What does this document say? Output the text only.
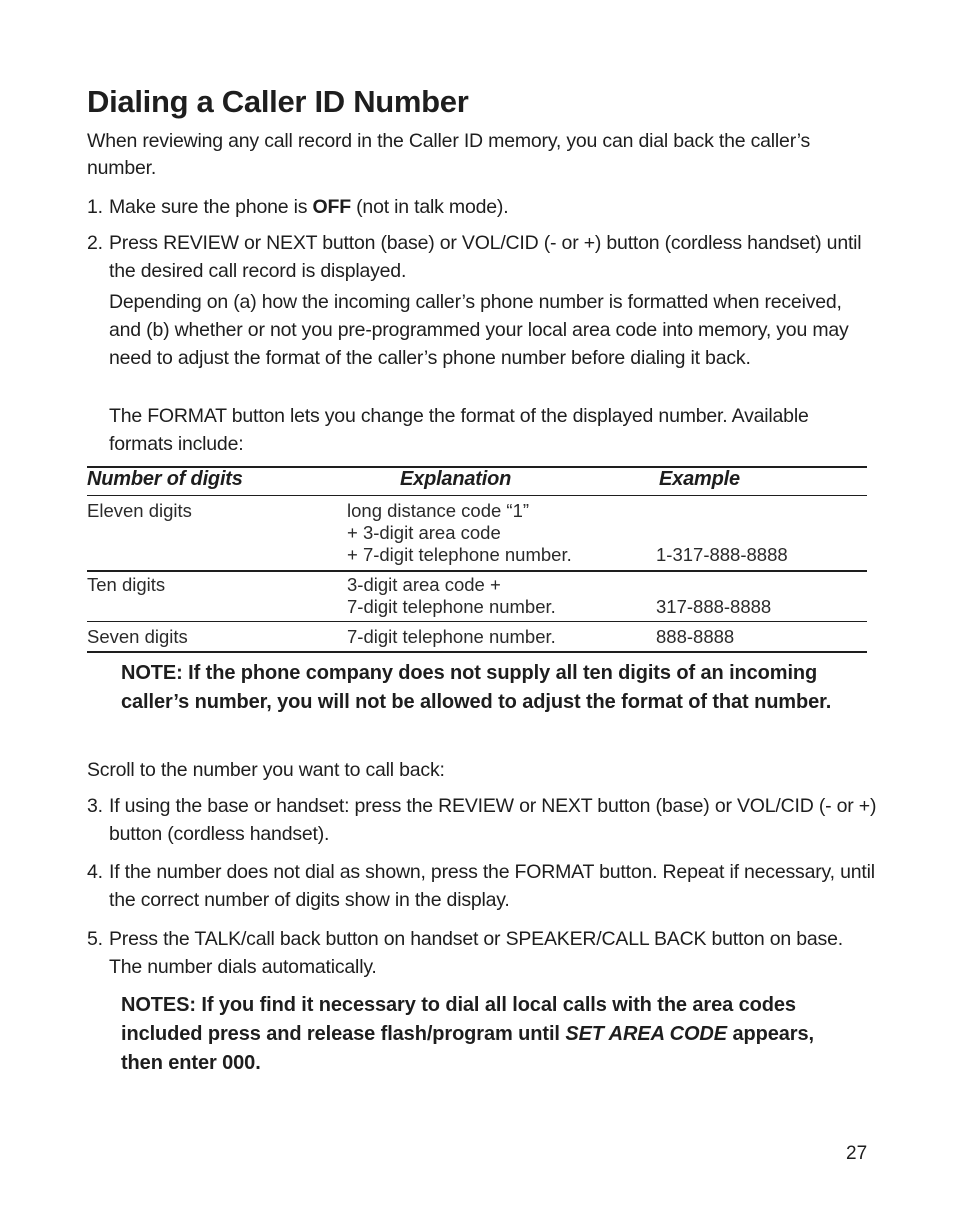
Dialing a Caller ID Number

When reviewing any call record in the Caller ID memory, you can dial back the caller’s number.

1. Make sure the phone is OFF (not in talk mode).
2. Press REVIEW or NEXT button (base) or VOL/CID (- or +) button (cordless handset) until the desired call record is displayed.

Depending on (a) how the incoming caller’s phone number is formatted when received, and (b) whether or not you pre-programmed your local area code into memory, you may need to adjust the format of the caller’s phone number before dialing it back.

The FORMAT button lets you change the format of the displayed number. Available formats include:

Number of digits	Explanation	Example
Eleven digits	long distance code “1”
+ 3-digit area code
+ 7-digit telephone number.	1-317-888-8888
Ten digits	3-digit area code +
7-digit telephone number.	317-888-8888
Seven digits	7-digit telephone number.	888-8888

NOTE: If the phone company does not supply all ten digits of an incoming caller’s number, you will not be allowed to adjust the format of that number.

Scroll to the number you want to call back:

3. If using the base or handset: press the REVIEW or NEXT button (base) or VOL/CID (- or +) button (cordless handset).
4. If the number does not dial as shown, press the FORMAT button. Repeat if necessary, until the correct number of digits show in the display.
5. Press the TALK/call back button on handset or SPEAKER/CALL BACK button on base. The number dials automatically.

NOTES: If you find it necessary to dial all local calls with the area codes included press and release flash/program until SET AREA CODE appears, then enter 000.

27
